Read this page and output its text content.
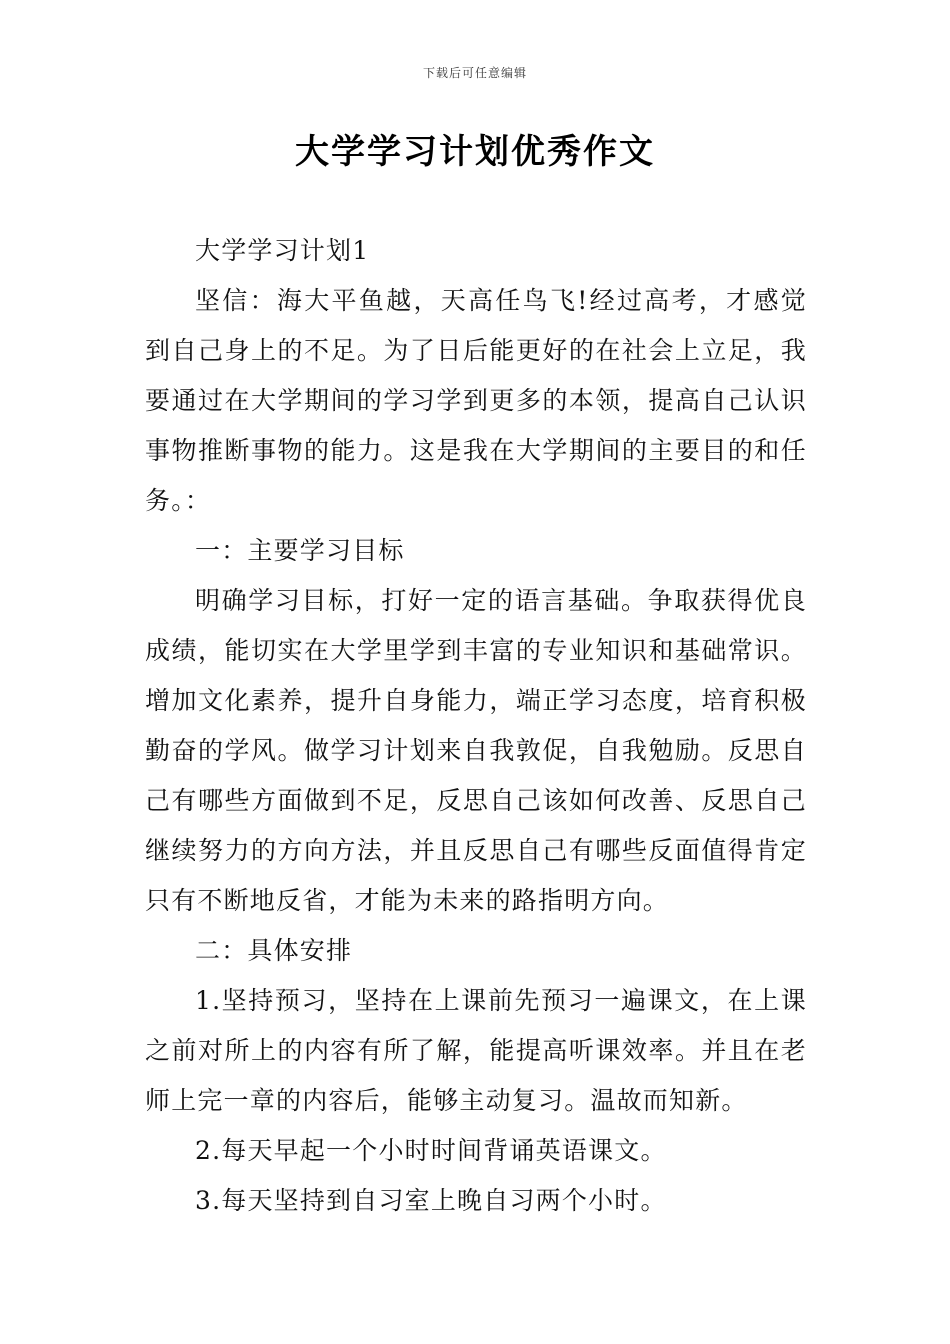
下载后可任意编辑
大学学习计划优秀作文

大学学习计划1

坚信：海大平鱼越，天高任鸟飞!经过高考，才感觉到自己身上的不足。为了日后能更好的在社会上立足，我要通过在大学期间的学习学到更多的本领，提高自己认识事物推断事物的能力。这是我在大学期间的主要目的和任务。：

一：主要学习目标

明确学习目标，打好一定的语言基础。争取获得优良成绩，能切实在大学里学到丰富的专业知识和基础常识。增加文化素养，提升自身能力，端正学习态度，培育积极勤奋的学风。做学习计划来自我敦促，自我勉励。反思自己有哪些方面做到不足，反思自己该如何改善、反思自己继续努力的方向方法，并且反思自己有哪些反面值得肯定只有不断地反省，才能为未来的路指明方向。

二：具体安排

1.坚持预习，坚持在上课前先预习一遍课文，在上课之前对所上的内容有所了解，能提高听课效率。并且在老师上完一章的内容后，能够主动复习。温故而知新。

2.每天早起一个小时时间背诵英语课文。

3.每天坚持到自习室上晚自习两个小时。
